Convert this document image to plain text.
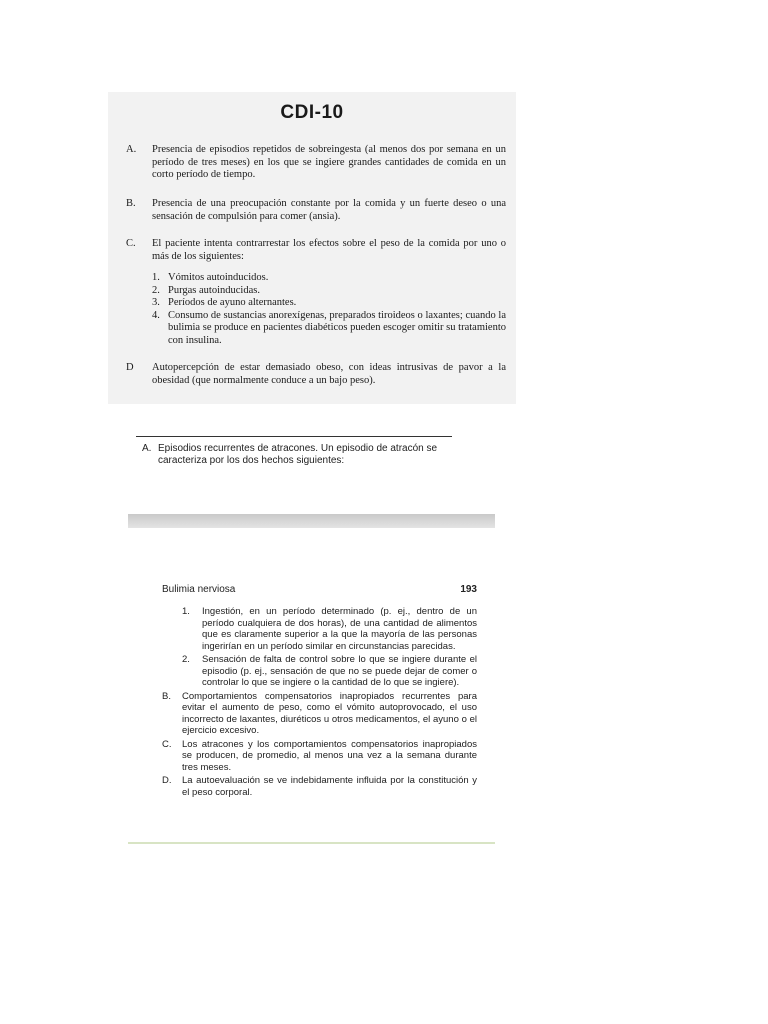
CDI-10
A. Presencia de episodios repetidos de sobreingesta (al menos dos por semana en un período de tres meses) en los que se ingiere grandes cantidades de comida en un corto período de tiempo.
B. Presencia de una preocupación constante por la comida y un fuerte deseo o una sensación de compulsión para comer (ansia).
C. El paciente intenta contrarrestar los efectos sobre el peso de la comida por uno o más de los siguientes:
1. Vómitos autoinducidos.
2. Purgas autoinducidas.
3. Períodos de ayuno alternantes.
4. Consumo de sustancias anorexígenas, preparados tiroideos o laxantes; cuando la bulimia se produce en pacientes diabéticos pueden escoger omitir su tratamiento con insulina.
D Autopercepción de estar demasiado obeso, con ideas intrusivas de pavor a la obesidad (que normalmente conduce a un bajo peso).
A. Episodios recurrentes de atracones. Un episodio de atracón se caracteriza por los dos hechos siguientes:
Bulimia nerviosa	193
1. Ingestión, en un período determinado (p. ej., dentro de un período cualquiera de dos horas), de una cantidad de alimentos que es claramente superior a la que la mayoría de las personas ingerirían en un período similar en circunstancias parecidas.
2. Sensación de falta de control sobre lo que se ingiere durante el episodio (p. ej., sensación de que no se puede dejar de comer o controlar lo que se ingiere o la cantidad de lo que se ingiere).
B. Comportamientos compensatorios inapropiados recurrentes para evitar el aumento de peso, como el vómito autoprovocado, el uso incorrecto de laxantes, diuréticos u otros medicamentos, el ayuno o el ejercicio excesivo.
C. Los atracones y los comportamientos compensatorios inapropiados se producen, de promedio, al menos una vez a la semana durante tres meses.
D. La autoevaluación se ve indebidamente influida por la constitución y el peso corporal.
